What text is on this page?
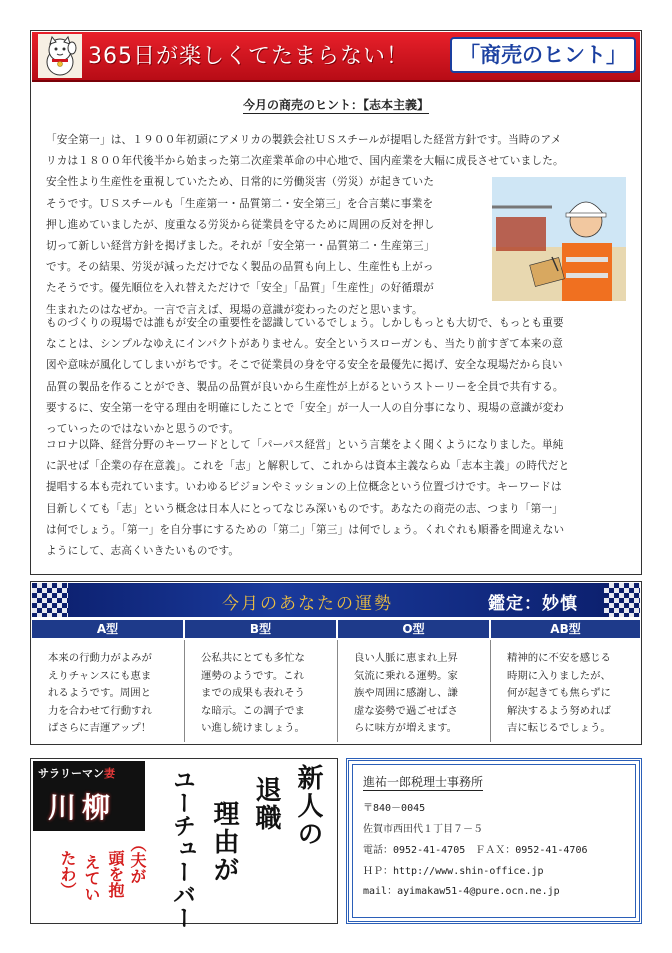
365日が楽しくてたまらない！	「商売のヒント」
今月の商売のヒント：【志本主義】

「安全第一」は、１９００年初頭にアメリカの製鉄会社ＵＳスチールが提唱した経営方針です。当時のアメ

リカは１８００年代後半から始まった第二次産業革命の中心地で、国内産業を大幅に成長させていました。

安全性より生産性を重視していたため、日常的に労働災害（労災）が起きていた

そうです。ＵＳスチールも「生産第一・品質第二・安全第三」を合言葉に事業を

押し進めていましたが、度重なる労災から従業員を守るために周囲の反対を押し

切って新しい経営方針を掲げました。それが「安全第一・品質第二・生産第三」

です。その結果、労災が減っただけでなく製品の品質も向上し、生産性も上がっ

たそうです。優先順位を入れ替えただけで「安全」「品質」「生産性」の好循環が

生まれたのはなぜか。一言で言えば、現場の意識が変わったのだと思います。

ものづくりの現場では誰もが安全の重要性を認識しているでしょう。しかしもっとも大切で、もっとも重要

なことは、シンプルなゆえにインパクトがありません。安全というスローガンも、当たり前すぎて本来の意

図や意味が風化してしまいがちです。そこで従業員の身を守る安全を最優先に掲げ、安全な現場だから良い

品質の製品を作ることができ、製品の品質が良いから生産性が上がるというストーリーを全員で共有する。

要するに、安全第一を守る理由を明確にしたことで「安全」が一人一人の自分事になり、現場の意識が変わ

っていったのではないかと思うのです。

コロナ以降、経営分野のキーワードとして「パーパス経営」という言葉をよく聞くようになりました。単純

に訳せば「企業の存在意義」。これを「志」と解釈して、これからは資本主義ならぬ「志本主義」の時代だと

提唱する本も売れています。いわゆるビジョンやミッションの上位概念という位置づけです。キーワードは

目新しくても「志」という概念は日本人にとってなじみ深いものです。あなたの商売の志、つまり「第一」

は何でしょう。「第一」を自分事にするための「第二」「第三」は何でしょう。くれぐれも順番を間違えない

ようにして、志高くいきたいものです。

今月のあなたの運勢	鑑定：妙慎
A型	B型	O型	AB型

本来の行動力がよみが
えりチャンスにも恵ま
れるようです。周囲と
力を合わせて行動すれ
ばさらに吉運アップ！

公私共にとても多忙な
運勢のようです。これ
までの成果も表れそう
な暗示。この調子でま
い進し続けましょう。

良い人脈に恵まれ上昇
気流に乗れる運勢。家
族や周囲に感謝し、謙
虚な姿勢で過ごせばさ
らに味方が増えます。

精神的に不安を感じる
時期に入りましたが、
何が起きても焦らずに
解決するよう努めれば
吉に転じるでしょう。

サラリーマン妻
川柳	新人の
退職
理由が
ユーチューバー
（夫が
頭を抱
えてい
たわ）
進祐一郎税理士事務所
〒840－0045
佐賀市西田代１丁目７－５
電話：0952-41-4705　ＦＡＸ：0952-41-4706
ＨＰ：http://www.shin-office.jp
mail：ayimakaw51-4@pure.ocn.ne.jp
